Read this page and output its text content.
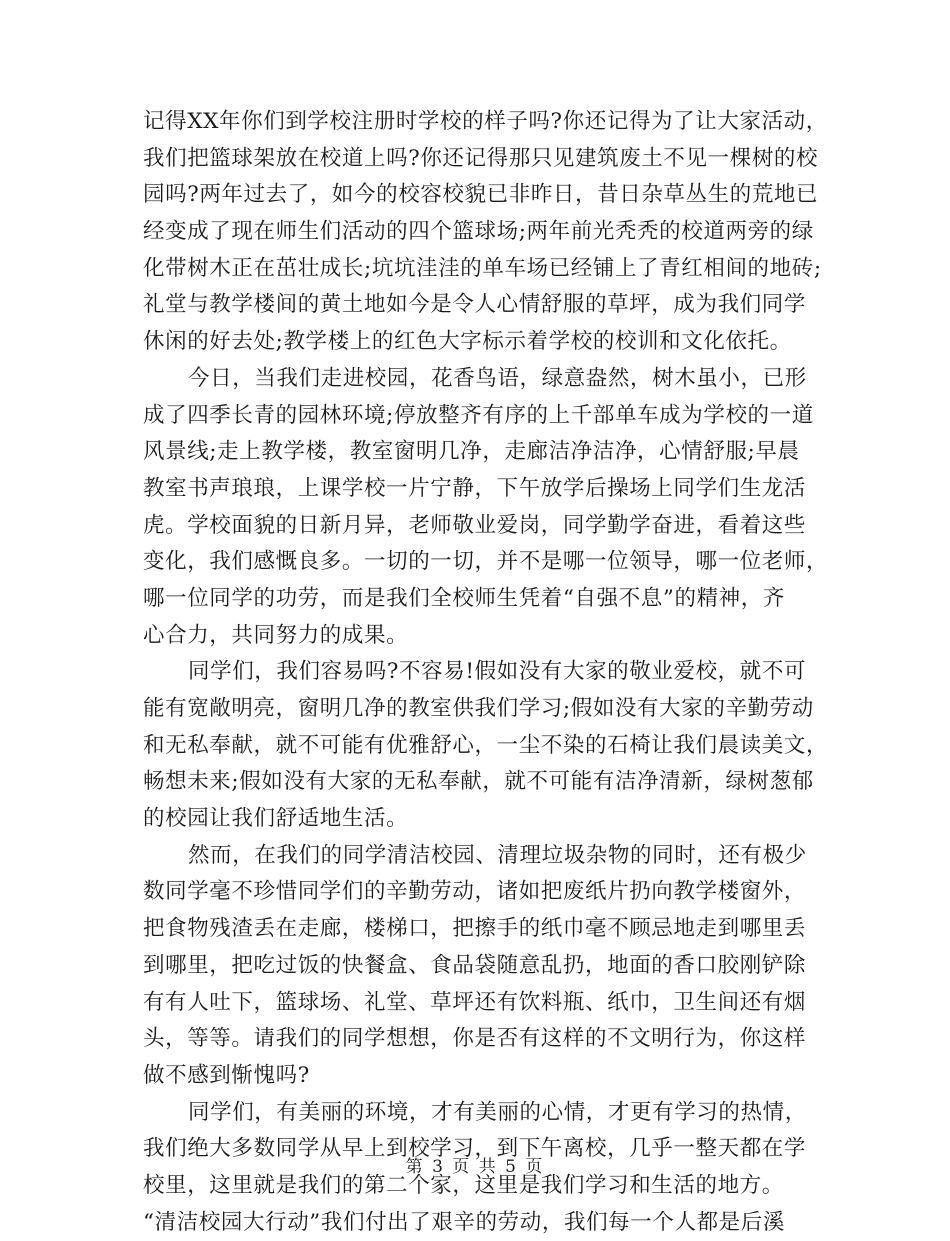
记得XX年你们到学校注册时学校的样子吗?你还记得为了让大家活动，
我们把篮球架放在校道上吗?你还记得那只见建筑废土不见一棵树的校
园吗?两年过去了，如今的校容校貌已非昨日，昔日杂草丛生的荒地已
经变成了现在师生们活动的四个篮球场;两年前光秃秃的校道两旁的绿
化带树木正在茁壮成长;坑坑洼洼的单车场已经铺上了青红相间的地砖;
礼堂与教学楼间的黄土地如今是令人心情舒服的草坪，成为我们同学
休闲的好去处;教学楼上的红色大字标示着学校的校训和文化依托。
今日，当我们走进校园，花香鸟语，绿意盎然，树木虽小，已形
成了四季长青的园林环境;停放整齐有序的上千部单车成为学校的一道
风景线;走上教学楼，教室窗明几净，走廊洁净洁净，心情舒服;早晨
教室书声琅琅，上课学校一片宁静，下午放学后操场上同学们生龙活
虎。学校面貌的日新月异，老师敬业爱岗，同学勤学奋进，看着这些
变化，我们感慨良多。一切的一切，并不是哪一位领导，哪一位老师，
哪一位同学的功劳，而是我们全校师生凭着“自强不息”的精神，齐
心合力，共同努力的成果。
同学们，我们容易吗?不容易!假如没有大家的敬业爱校，就不可
能有宽敞明亮，窗明几净的教室供我们学习;假如没有大家的辛勤劳动
和无私奉献，就不可能有优雅舒心，一尘不染的石椅让我们晨读美文，
畅想未来;假如没有大家的无私奉献，就不可能有洁净清新，绿树葱郁
的校园让我们舒适地生活。
然而，在我们的同学清洁校园、清理垃圾杂物的同时，还有极少
数同学毫不珍惜同学们的辛勤劳动，诸如把废纸片扔向教学楼窗外，
把食物残渣丢在走廊，楼梯口，把擦手的纸巾毫不顾忌地走到哪里丢
到哪里，把吃过饭的快餐盒、食品袋随意乱扔，地面的香口胶刚铲除
有有人吐下，篮球场、礼堂、草坪还有饮料瓶、纸巾，卫生间还有烟
头，等等。请我们的同学想想，你是否有这样的不文明行为，你这样
做不感到惭愧吗?
同学们，有美丽的环境，才有美丽的心情，才更有学习的热情，
我们绝大多数同学从早上到校学习，到下午离校，几乎一整天都在学
校里，这里就是我们的第二个家，这里是我们学习和生活的地方。
“清洁校园大行动”我们付出了艰辛的劳动，我们每一个人都是后溪
第 3 页 共 5 页
